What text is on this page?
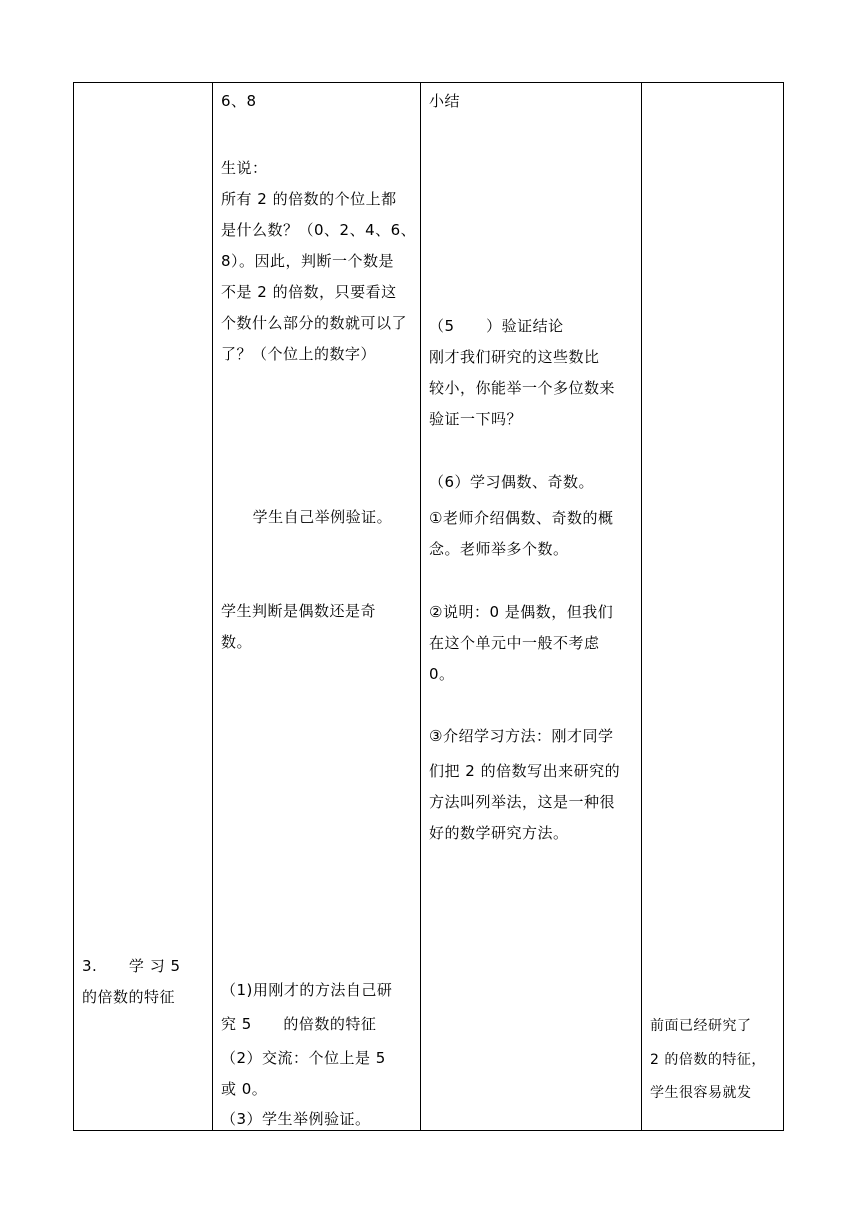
3.      学 习 5
的倍数的特征
6、8
生说：
所有 2 的倍数的个位上都
是什么数？（0、2、4、6、
8）。因此，判断一个数是
不是 2 的倍数，只要看这
个数什么部分的数就可以了
了？（个位上的数字）
学生自己举例验证。
学生判断是偶数还是奇
数。
（1)用刚才的方法自己研
究 5      的倍数的特征
（2）交流：个位上是 5
或 0。
（3）学生举例验证。
小结
（5      ）验证结论
刚才我们研究的这些数比
较小，你能举一个多位数来
验证一下吗？
（6）学习偶数、奇数。
①老师介绍偶数、奇数的概
念。老师举多个数。
②说明：0 是偶数，但我们
在这个单元中一般不考虑
0。
③介绍学习方法：刚才同学
们把 2 的倍数写出来研究的
方法叫列举法，这是一种很
好的数学研究方法。
前面已经研究了
2 的倍数的特征，
学生很容易就发
